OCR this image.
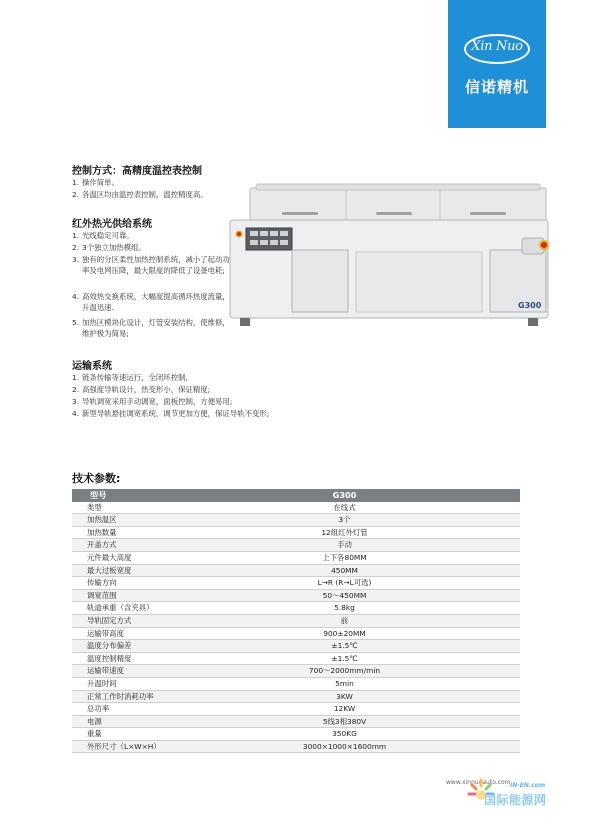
Xin Nuo
信诺精机
控制方式：高精度温控表控制
1. 操作简单。
2. 各温区均由温控表控制，温控精度高。
红外热光供给系统
1. 光线稳定可靠。
2. 3个独立加热模组。
3. 独有的分区柔性加热控制系统，减小了起动功率及电网压降，最大限度的降低了设备电耗;
4. 高效热交换系统，大幅度提高循环热度流量，升温迅速.
5. 加热区模块化设计，灯管安装结构，使维修，维护极为简易;
运输系统
1. 链条传输等速运行，全闭环控制,
2. 高强度导轨设计，热变形小，保证精度;
3. 导轨调宽采用手动调宽，面板控制，方便易用;
4. 新型导轨悬挂调宽系统，调节更加方便，保证导轨不变形;
G300
技术参数:
型号	G300
类型	在线式
加热温区	3个
加热数量	12组红外灯管
开盖方式	手动
元件最大高度	上下各80MM
最大过板宽度	450MM
传输方向	L→R (R→L可选)
调宽范围	50～450MM
轨道承重（含夹具）	5.8kg
导轨固定方式	前
运输带高度	900±20MM
温度分布偏差	±1.5℃
温度控制精度	±1.5℃
运输带速度	700～2000mm/min
升温时间	5min
正常工作时消耗功率	3KW
总功率	12KW
电源	5线3相380V
重量	350KG
外形尺寸（L×W×H）	3000×1000×1600mm
www.xinnuoauto.com IN-EN.com
国际能源网
